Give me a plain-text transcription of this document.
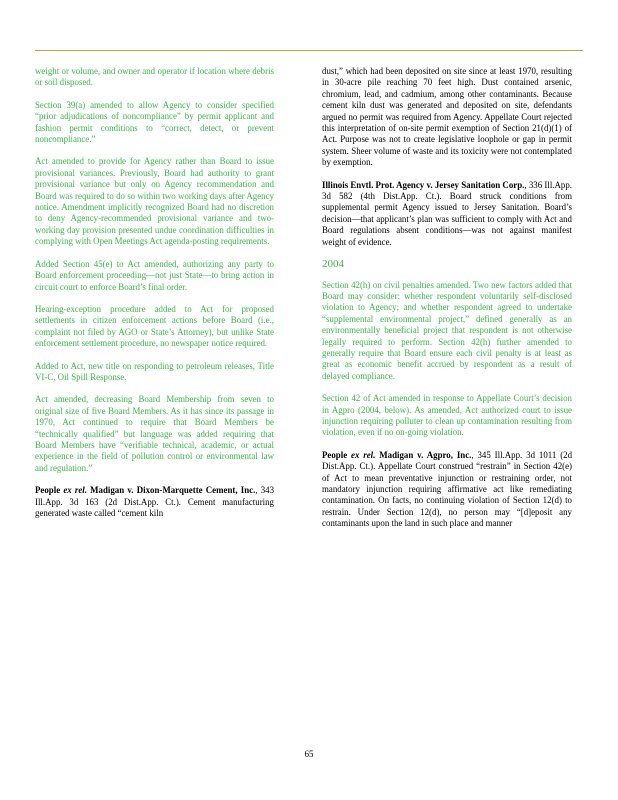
weight or volume, and owner and operator if location where debris or soil disposed.

Section 39(a) amended to allow Agency to consider specified “prior adjudications of noncompliance” by permit applicant and fashion permit conditions to “correct, detect, or prevent noncompliance.”

Act amended to provide for Agency rather than Board to issue provisional variances. Previously, Board had authority to grant provisional variance but only on Agency recommendation and Board was required to do so within two working days after Agency notice. Amendment implicitly recognized Board had no discretion to deny Agency-recommended provisional variance and two-working day provision presented undue coordination difficulties in complying with Open Meetings Act agenda-posting requirements.

Added Section 45(e) to Act amended, authorizing any party to Board enforcement proceeding—not just State—to bring action in circuit court to enforce Board’s final order.

Hearing-exception procedure added to Act for proposed settlements in citizen enforcement actions before Board (i.e., complaint not filed by AGO or State’s Attorney), but unlike State enforcement settlement procedure, no newspaper notice required.

Added to Act, new title on responding to petroleum releases, Title VI-C, Oil Spill Response.

Act amended, decreasing Board Membership from seven to original size of five Board Members. As it has since its passage in 1970, Act continued to require that Board Members be “technically qualified” but language was added requiring that Board Members have “verifiable technical, academic, or actual experience in the field of pollution control or environmental law and regulation.”

People ex rel. Madigan v. Dixon-Marquette Cement, Inc., 343 Ill.App. 3d 163 (2d Dist.App. Ct.). Cement manufacturing generated waste called “cement kiln

dust,” which had been deposited on site since at least 1970, resulting in 30-acre pile reaching 70 feet high. Dust contained arsenic, chromium, lead, and cadmium, among other contaminants. Because cement kiln dust was generated and deposited on site, defendants argued no permit was required from Agency. Appellate Court rejected this interpretation of on-site permit exemption of Section 21(d)(1) of Act. Purpose was not to create legislative loophole or gap in permit system. Sheer volume of waste and its toxicity were not contemplated by exemption.

Illinois Envtl. Prot. Agency v. Jersey Sanitation Corp., 336 Ill.App. 3d 582 (4th Dist.App. Ct.). Board struck conditions from supplemental permit Agency issued to Jersey Sanitation. Board’s decision—that applicant’s plan was sufficient to comply with Act and Board regulations absent conditions—was not against manifest weight of evidence.

2004

Section 42(h) on civil penalties amended. Two new factors added that Board may consider: whether respondent voluntarily self-disclosed violation to Agency; and whether respondent agreed to undertake “supplemental environmental project,” defined generally as an environmentally beneficial project that respondent is not otherwise legally required to perform. Section 42(h) further amended to generally require that Board ensure each civil penalty is at least as great as economic benefit accrued by respondent as a result of delayed compliance.

Section 42 of Act amended in response to Appellate Court’s decision in Agpro (2004, below). As amended, Act authorized court to issue injunction requiring polluter to clean up contamination resulting from violation, even if no on-going violation.

People ex rel. Madigan v. Agpro, Inc., 345 Ill.App. 3d 1011 (2d Dist.App. Ct.). Appellate Court construed “restrain” in Section 42(e) of Act to mean preventative injunction or restraining order, not mandatory injunction requiring affirmative act like remediating contamination. On facts, no continuing violation of Section 12(d) to restrain. Under Section 12(d), no person may “[d]eposit any contaminants upon the land in such place and manner

65
